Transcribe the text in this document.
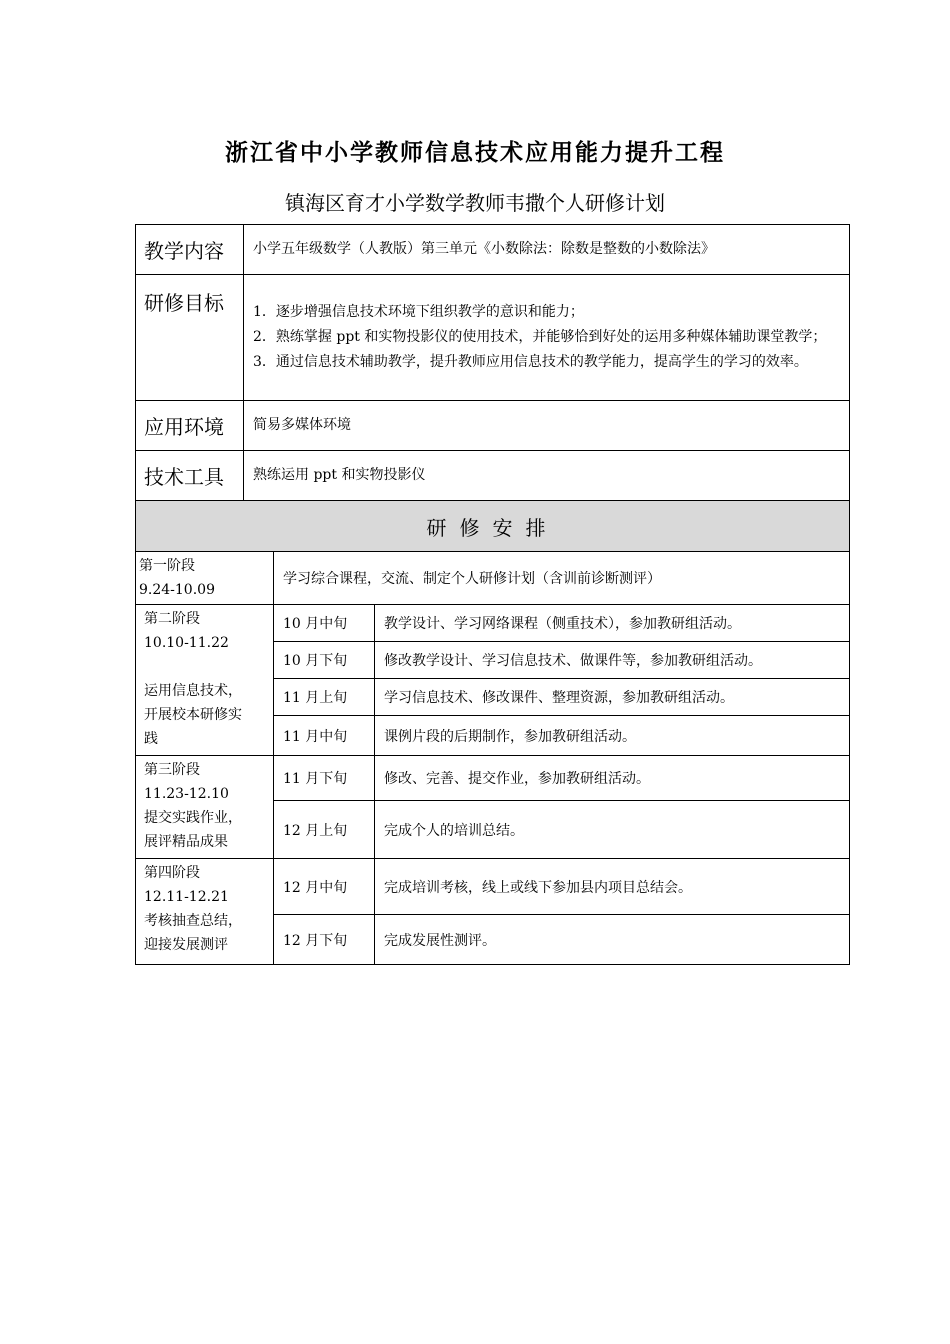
浙江省中小学教师信息技术应用能力提升工程
镇海区育才小学数学教师韦撒个人研修计划
教学内容	小学五年级数学（人教版）第三单元《小数除法：除数是整数的小数除法》		
研修目标	1．逐步增强信息技术环境下组织教学的意识和能力；
2．熟练掌握 ppt 和实物投影仪的使用技术，并能够恰到好处的运用多种媒体辅助课堂教学；
3．通过信息技术辅助教学，提升教师应用信息技术的教学能力，提高学生的学习的效率。		

应用环境	简易多媒体环境		
技术工具	熟练运用 ppt 和实物投影仪		
研修安排			

第一阶段
9.24-10.09		学习综合课程，交流、制定个人研修计划（含训前诊断测评）	

第二阶段
10.10-11.22
运用信息技术，
开展校本研修实
践		10 月中旬	教学设计、学习网络课程（侧重技术），参加教研组活动。
		10 月下旬	修改教学设计、学习信息技术、做课件等，参加教研组活动。
		11 月上旬	学习信息技术、修改课件、整理资源，参加教研组活动。
		11 月中旬	课例片段的后期制作，参加教研组活动。

第三阶段
11.23-12.10
提交实践作业，
展评精品成果		11 月下旬	修改、完善、提交作业，参加教研组活动。
		12 月上旬	完成个人的培训总结。

第四阶段
12.11-12.21
考核抽查总结，
迎接发展测评		12 月中旬	完成培训考核，线上或线下参加县内项目总结会。
		12 月下旬	完成发展性测评。
